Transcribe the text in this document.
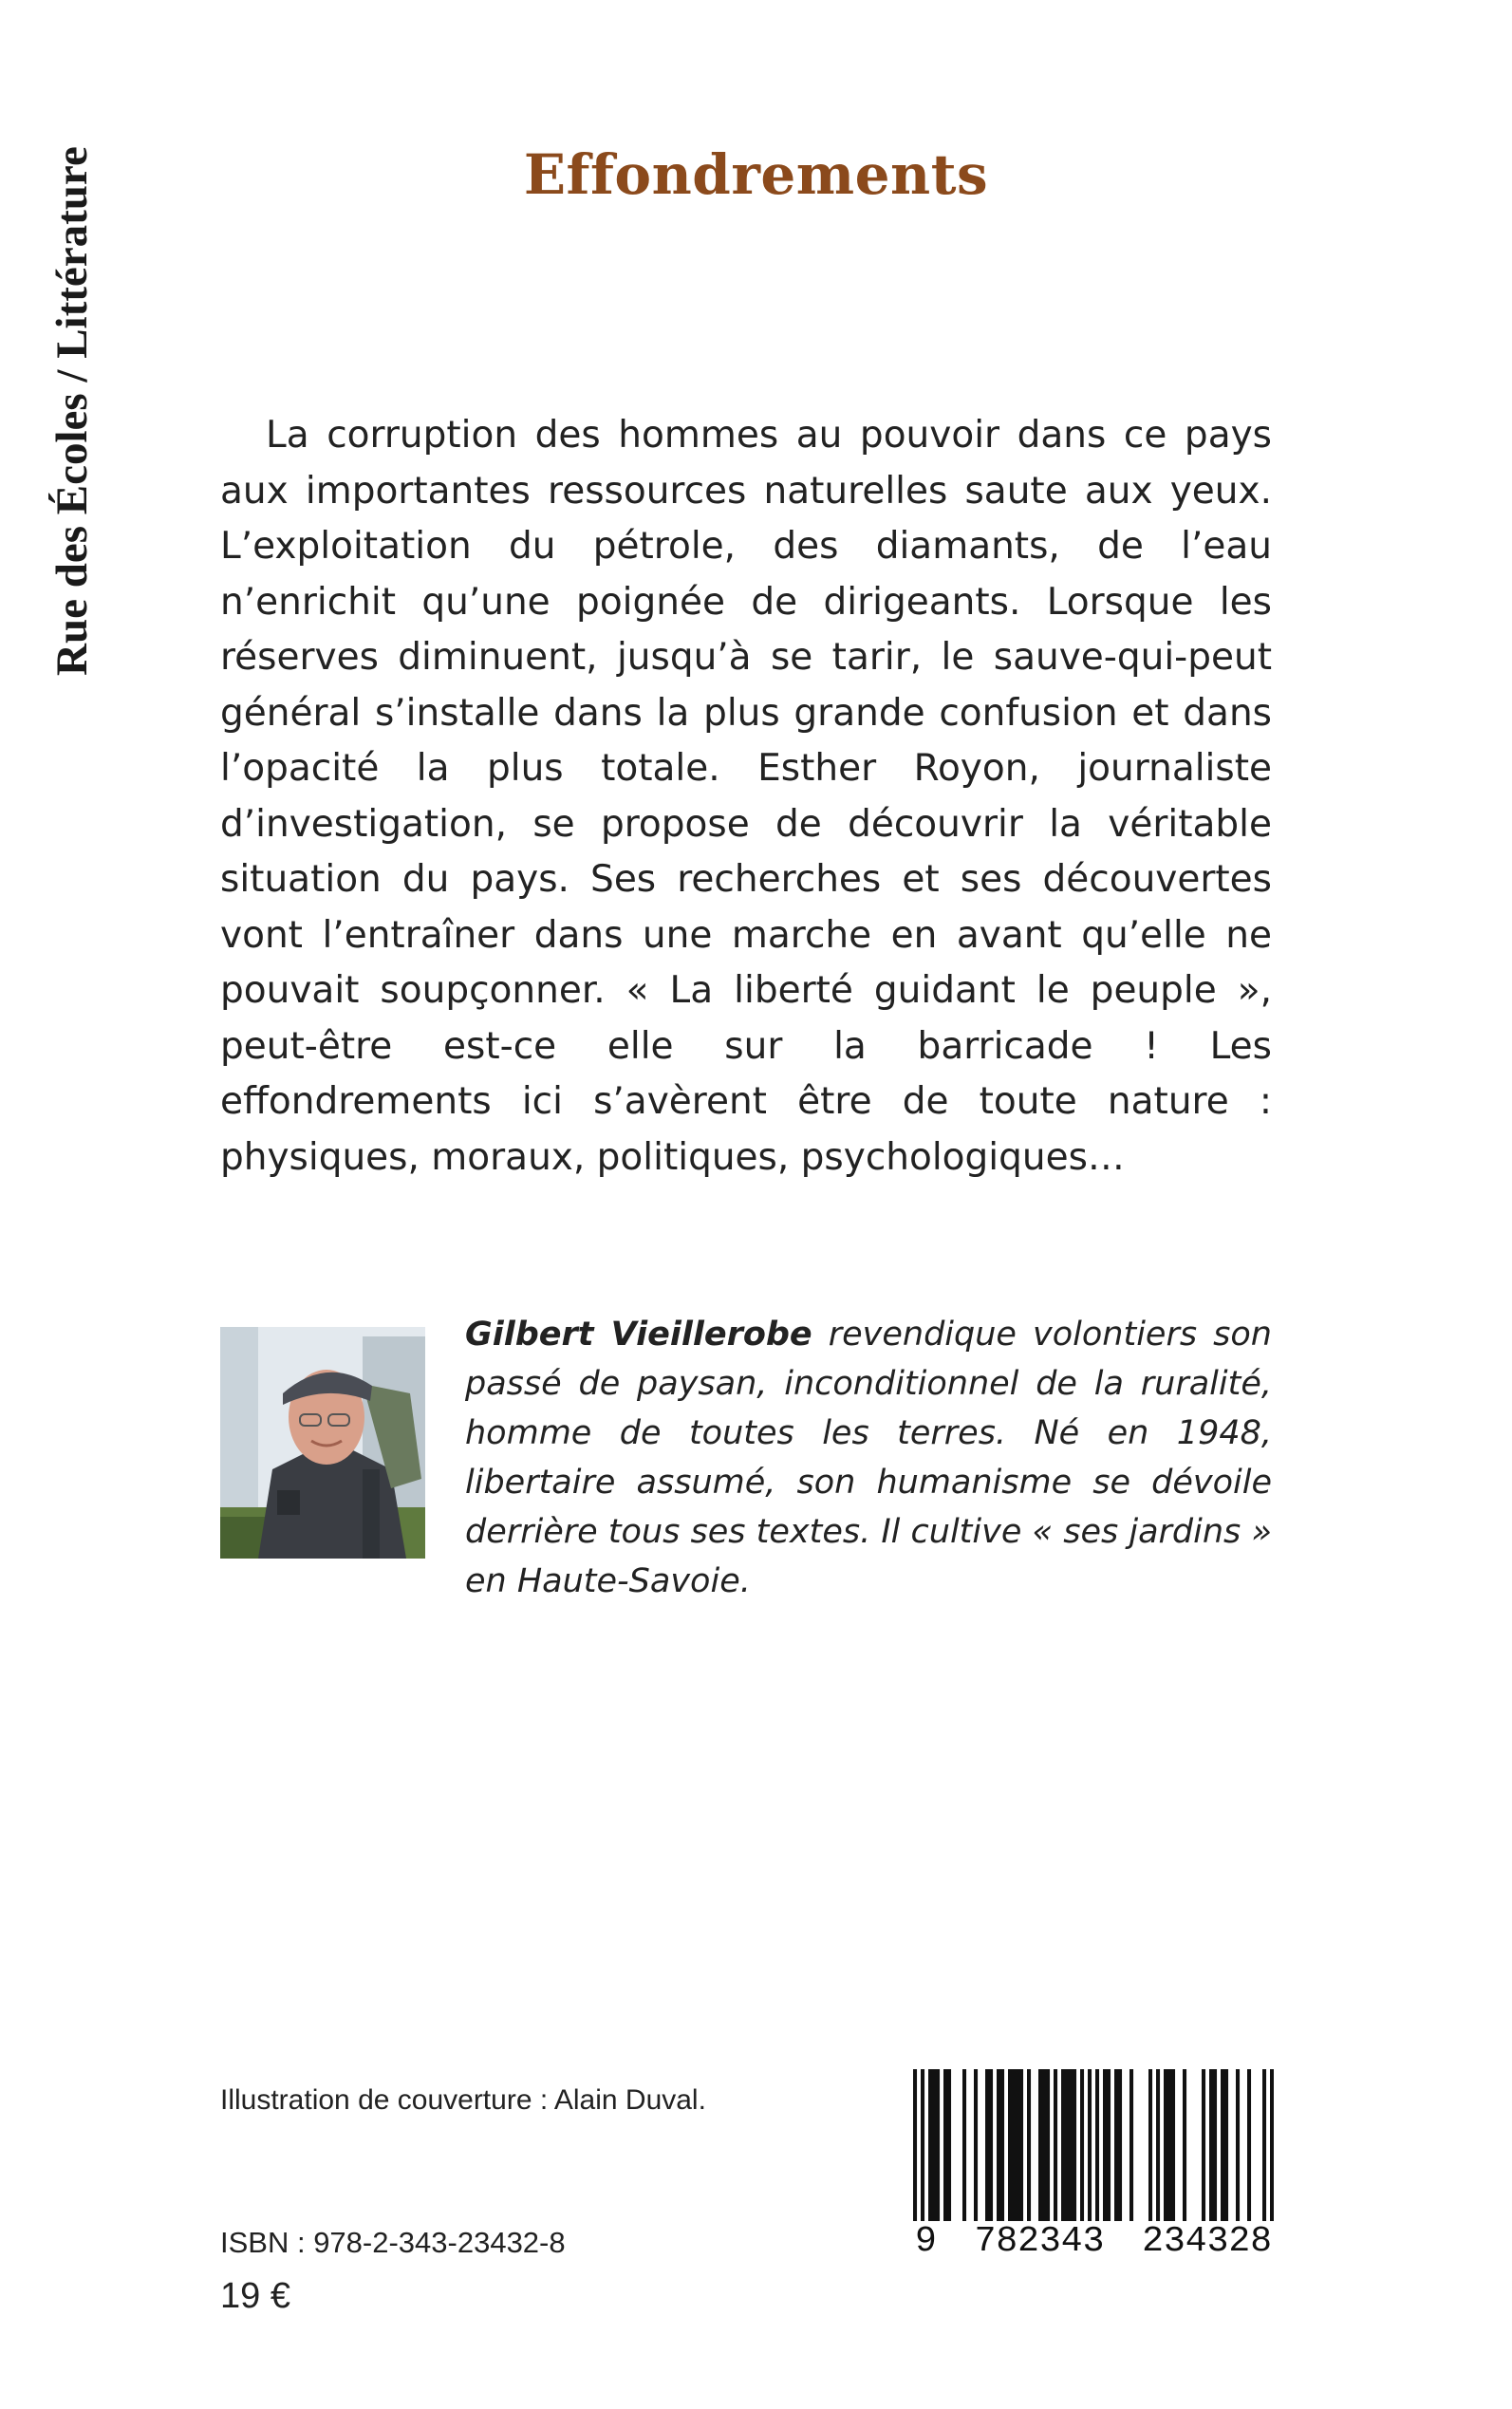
Rue des Écoles / Littérature	Effondrements

La corruption des hommes au pouvoir dans ce pays aux importantes ressources naturelles saute aux yeux. L’exploitation du pétrole, des diamants, de l’eau n’enrichit qu’une poignée de dirigeants. Lorsque les réserves diminuent, jusqu’à se tarir, le sauve-qui-peut général s’installe dans la plus grande confusion et dans l’opacité la plus totale. Esther Royon, journaliste d’investigation, se propose de découvrir la véritable situation du pays. Ses recherches et ses découvertes vont l’entraîner dans une marche en avant qu’elle ne pouvait soupçonner. « La liberté guidant le peuple », peut-être est-ce elle sur la barricade ! Les effondrements ici s’avèrent être de toute nature : physiques, moraux, politiques, psychologiques…

Gilbert Vieillerobe revendique volontiers son passé de paysan, inconditionnel de la ruralité, homme de toutes les terres. Né en 1948, libertaire assumé, son humanisme se dévoile derrière tous ses textes. Il cultive « ses jardins » en Haute-Savoie.

Illustration de couverture : Alain Duval.
ISBN : 978-2-343-23432-8
19 €
9 782343 234328
